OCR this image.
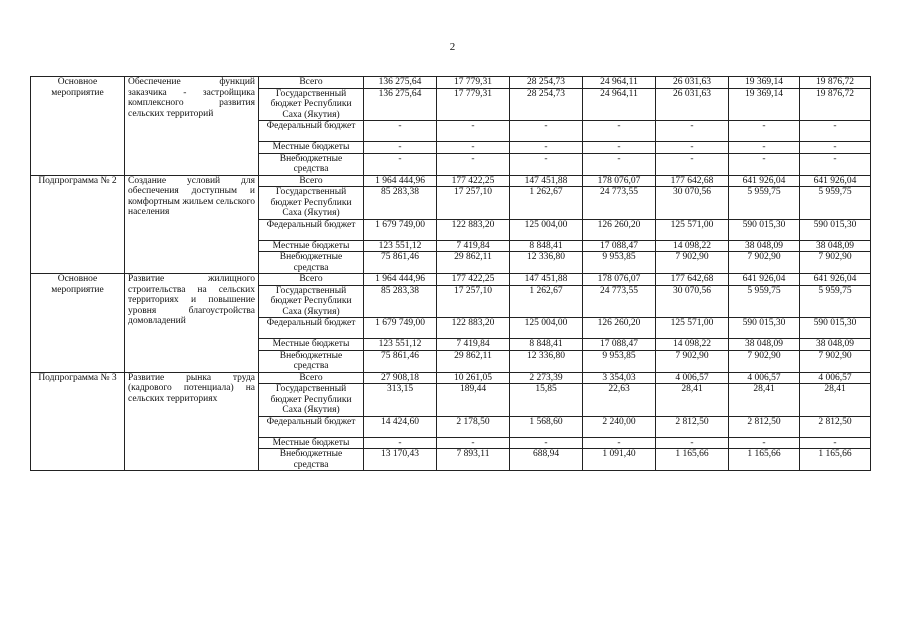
2
Основное мероприятие	Обеспечение функций заказчика - застройщика комплексного развития сельских территорий	Всего	136 275,64	17 779,31	28 254,73	24 964,11	26 031,63	19 369,14	19 876,72
		Государственный бюджет Республики Саха (Якутия)	136 275,64	17 779,31	28 254,73	24 964,11	26 031,63	19 369,14	19 876,72
		Федеральный бюджет	-	-	-	-	-	-	-
		Местные бюджеты	-	-	-	-	-	-	-
		Внебюджетные средства	-	-	-	-	-	-	-
Подпрограмма № 2	Создание условий для обеспечения доступным и комфортным жильем сельского населения	Всего	1 964 444,96	177 422,25	147 451,88	178 076,07	177 642,68	641 926,04	641 926,04
		Государственный бюджет Республики Саха (Якутия)	85 283,38	17 257,10	1 262,67	24 773,55	30 070,56	5 959,75	5 959,75
		Федеральный бюджет	1 679 749,00	122 883,20	125 004,00	126 260,20	125 571,00	590 015,30	590 015,30
		Местные бюджеты	123 551,12	7 419,84	8 848,41	17 088,47	14 098,22	38 048,09	38 048,09
		Внебюджетные средства	75 861,46	29 862,11	12 336,80	9 953,85	7 902,90	7 902,90	7 902,90
Основное мероприятие	Развитие жилищного строительства на сельских территориях и повышение уровня благоустройства домовладений	Всего	1 964 444,96	177 422,25	147 451,88	178 076,07	177 642,68	641 926,04	641 926,04
		Государственный бюджет Республики Саха (Якутия)	85 283,38	17 257,10	1 262,67	24 773,55	30 070,56	5 959,75	5 959,75
		Федеральный бюджет	1 679 749,00	122 883,20	125 004,00	126 260,20	125 571,00	590 015,30	590 015,30
		Местные бюджеты	123 551,12	7 419,84	8 848,41	17 088,47	14 098,22	38 048,09	38 048,09
		Внебюджетные средства	75 861,46	29 862,11	12 336,80	9 953,85	7 902,90	7 902,90	7 902,90
Подпрограмма № 3	Развитие рынка труда (кадрового потенциала) на сельских территориях	Всего	27 908,18	10 261,05	2 273,39	3 354,03	4 006,57	4 006,57	4 006,57
		Государственный бюджет Республики Саха (Якутия)	313,15	189,44	15,85	22,63	28,41	28,41	28,41
		Федеральный бюджет	14 424,60	2 178,50	1 568,60	2 240,00	2 812,50	2 812,50	2 812,50
		Местные бюджеты	-	-	-	-	-	-	-
		Внебюджетные средства	13 170,43	7 893,11	688,94	1 091,40	1 165,66	1 165,66	1 165,66
